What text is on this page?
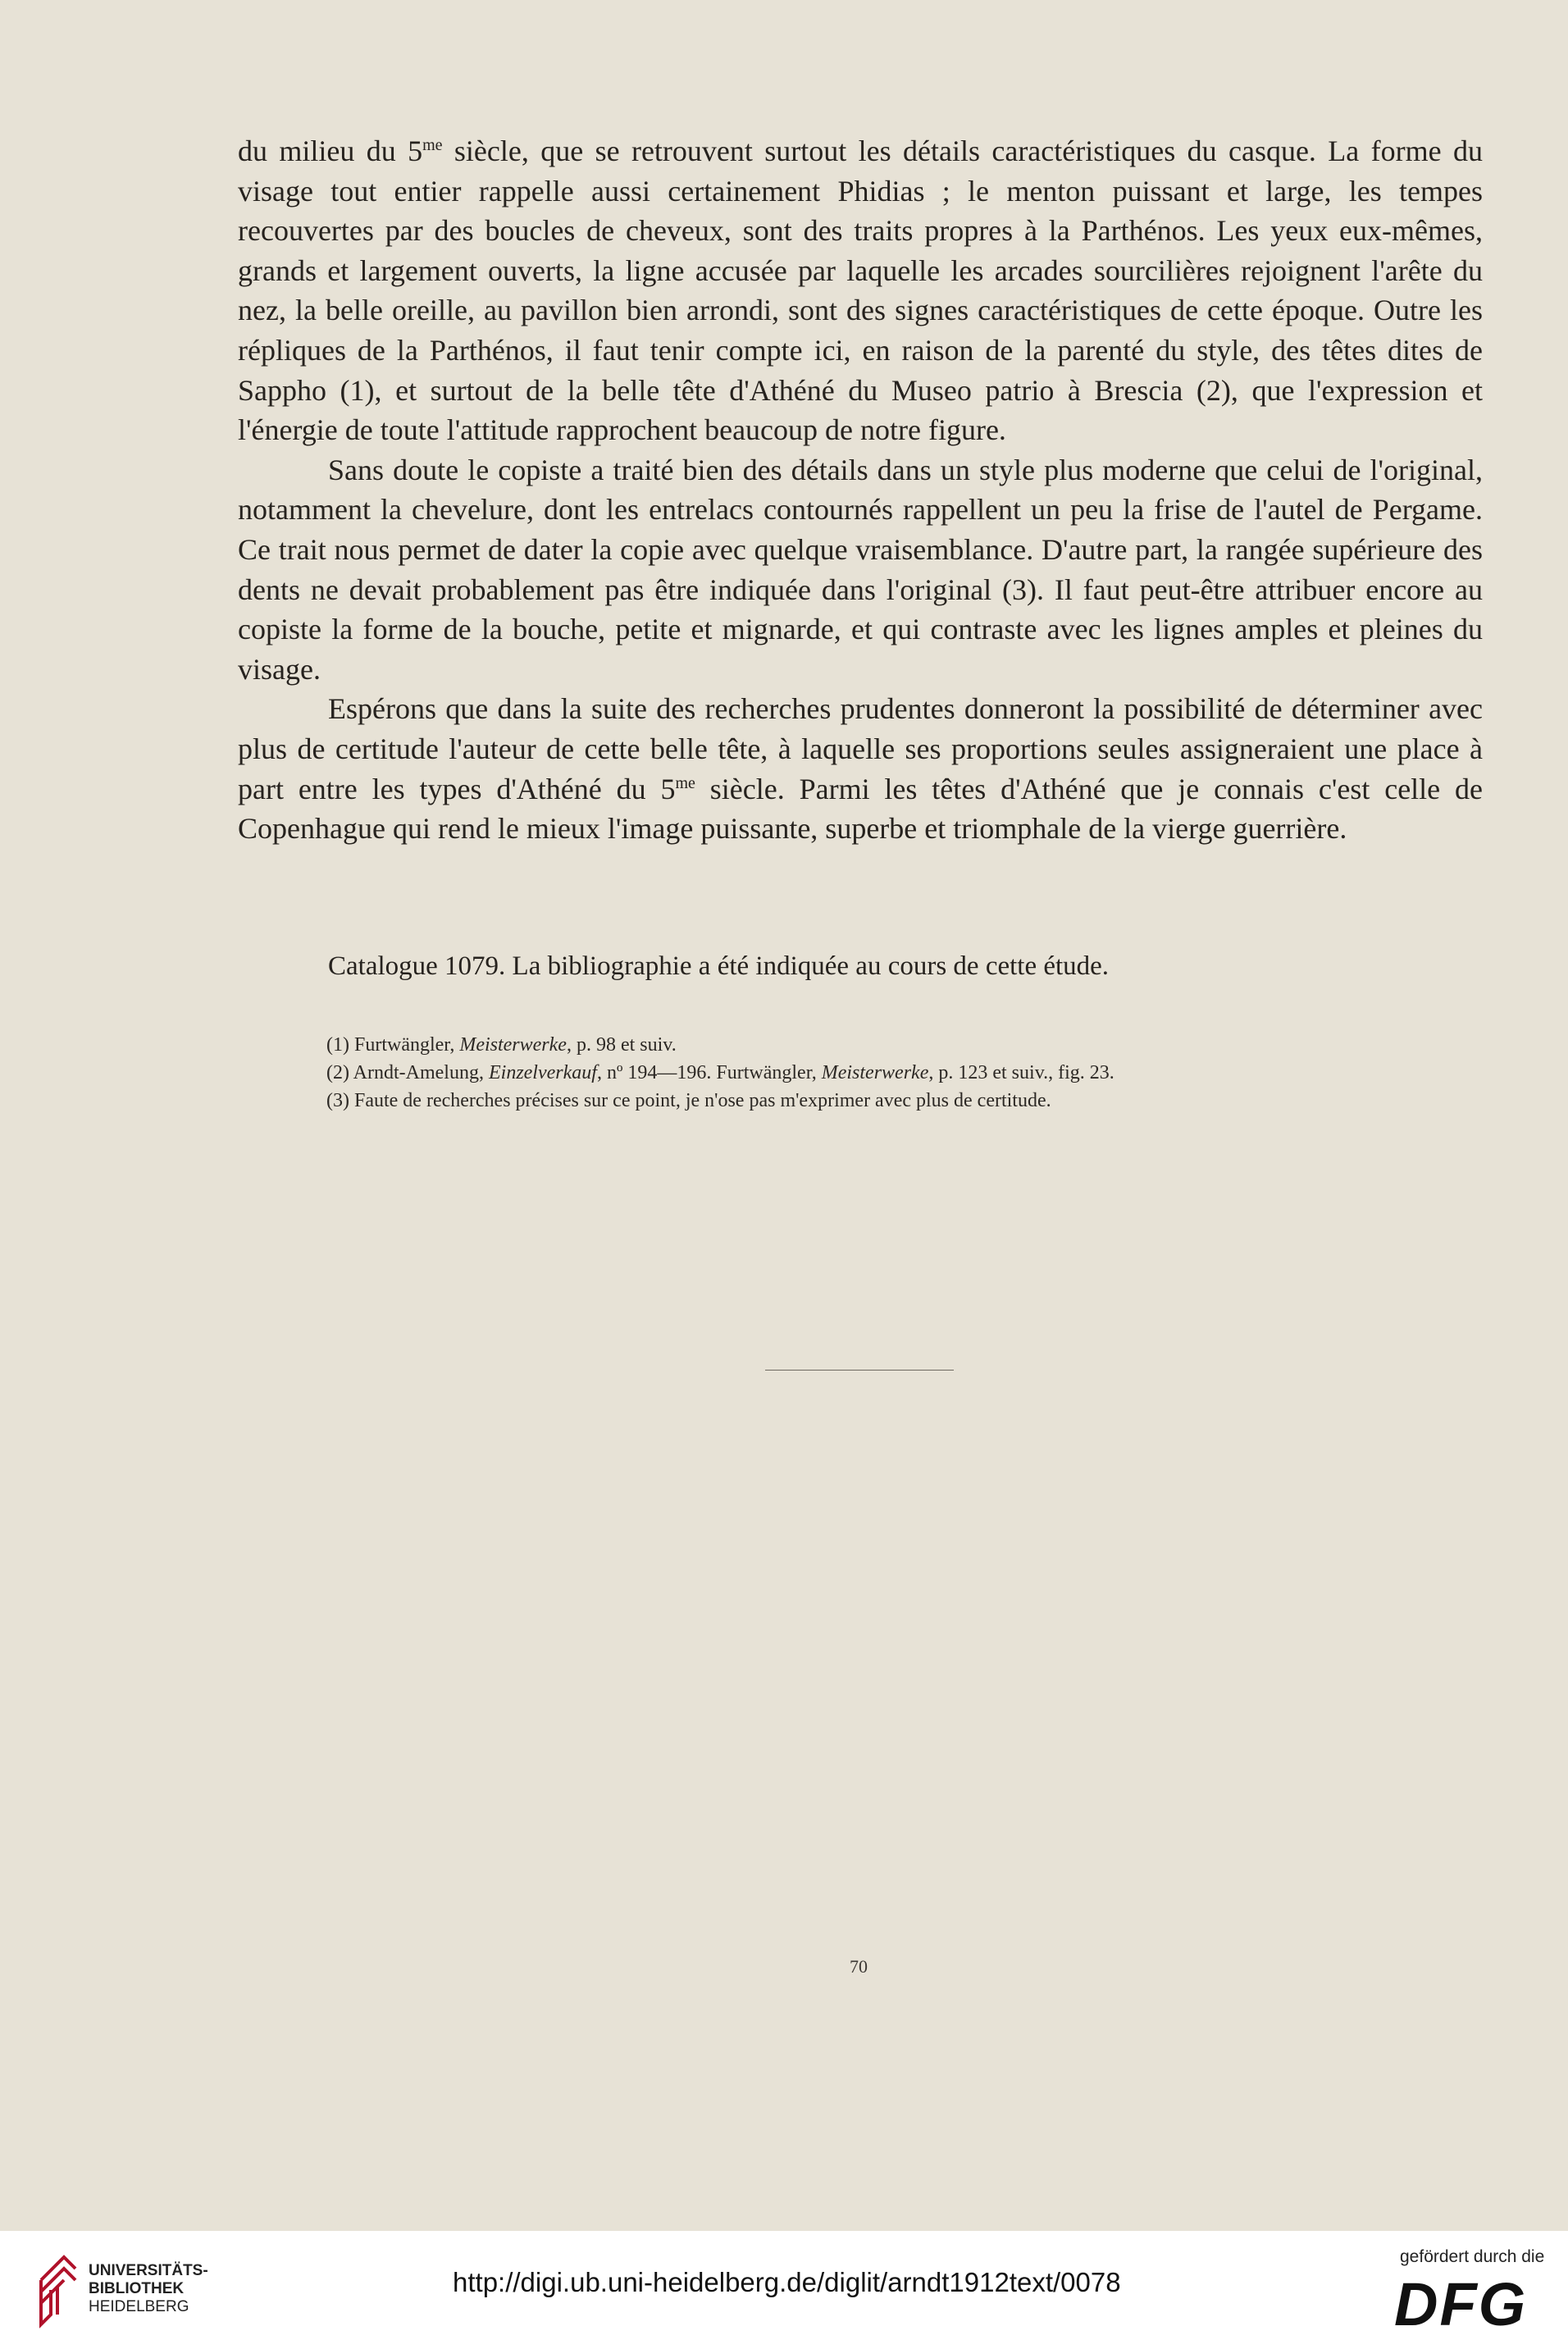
du milieu du $5^{me}$ siècle, que se retrouvent surtout les détails caractéristiques du casque. La forme du visage tout entier rappelle aussi certainement Phidias ; le menton puissant et large, les tempes recouvertes par des boucles de cheveux, sont des traits propres à la Parthénos. Les yeux eux-mêmes, grands et largement ouverts, la ligne accusée par laquelle les arcades sourcilières rejoignent l'arête du nez, la belle oreille, au pavillon bien arrondi, sont des signes caractéristiques de cette époque. Outre les répliques de la Parthénos, il faut tenir compte ici, en raison de la parenté du style, des têtes dites de Sappho (1), et surtout de la belle tête d'Athéné du Museo patrio à Brescia (2), que l'expression et l'énergie de toute l'attitude rapprochent beaucoup de notre figure.

Sans doute le copiste a traité bien des détails dans un style plus moderne que celui de l'original, notamment la chevelure, dont les entrelacs contournés rappellent un peu la frise de l'autel de Pergame. Ce trait nous permet de dater la copie avec quelque vraisemblance. D'autre part, la rangée supérieure des dents ne devait probablement pas être indiquée dans l'original (3). Il faut peut-être attribuer encore au copiste la forme de la bouche, petite et mignarde, et qui contraste avec les lignes amples et pleines du visage.

Espérons que dans la suite des recherches prudentes donneront la possibilité de déterminer avec plus de certitude l'auteur de cette belle tête, à laquelle ses proportions seules assigneraient une place à part entre les types d'Athéné du $5^{me}$ siècle. Parmi les têtes d'Athéné que je connais c'est celle de Copenhague qui rend le mieux l'image puissante, superbe et triomphale de la vierge guerrière.

Catalogue 1079. La bibliographie a été indiquée au cours de cette étude.
(1) Furtwängler, Meisterwerke, p. 98 et suiv.
(2) Arndt-Amelung, Einzelverkauf, nº 194—196. Furtwängler, Meisterwerke, p. 123 et suiv., fig. 23.
(3) Faute de recherches précises sur ce point, je n'ose pas m'exprimer avec plus de certitude.
70
UNIVERSITÄTS-
BIBLIOTHEK
HEIDELBERG
http://digi.ub.uni-heidelberg.de/diglit/arndt1912text/0078
gefördert durch die
DFG
